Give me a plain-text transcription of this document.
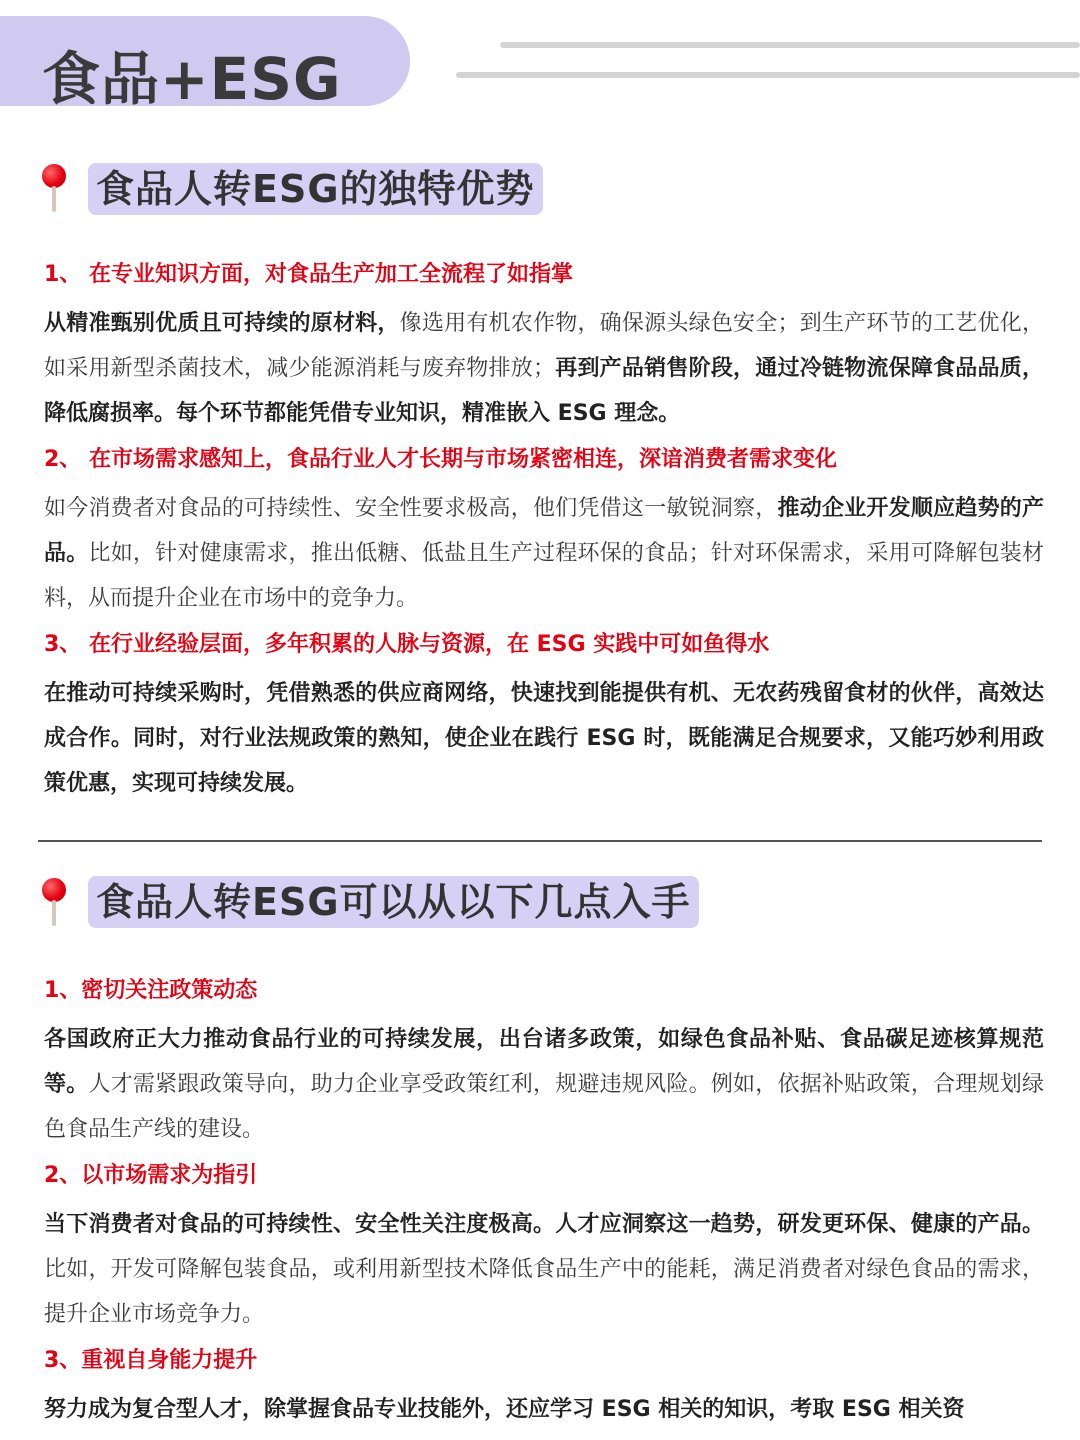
食品+ESG
食品人转ESG的独特优势

1、 在专业知识方面，对食品生产加工全流程了如指掌

从精准甄别优质且可持续的原材料，像选用有机农作物，确保源头绿色安全；到生产环节的工艺优化，如采用新型杀菌技术，减少能源消耗与废弃物排放；再到产品销售阶段，通过冷链物流保障食品品质，降低腐损率。每个环节都能凭借专业知识，精准嵌入 ESG 理念。

2、 在市场需求感知上，食品行业人才长期与市场紧密相连，深谙消费者需求变化

如今消费者对食品的可持续性、安全性要求极高，他们凭借这一敏锐洞察，推动企业开发顺应趋势的产品。比如，针对健康需求，推出低糖、低盐且生产过程环保的食品；针对环保需求，采用可降解包装材料，从而提升企业在市场中的竞争力。

3、 在行业经验层面，多年积累的人脉与资源，在 ESG 实践中可如鱼得水

在推动可持续采购时，凭借熟悉的供应商网络，快速找到能提供有机、无农药残留食材的伙伴，高效达成合作。同时，对行业法规政策的熟知，使企业在践行 ESG 时，既能满足合规要求，又能巧妙利用政策优惠，实现可持续发展。

食品人转ESG可以从以下几点入手

1、密切关注政策动态

各国政府正大力推动食品行业的可持续发展，出台诸多政策，如绿色食品补贴、食品碳足迹核算规范等。人才需紧跟政策导向，助力企业享受政策红利，规避违规风险。例如，依据补贴政策，合理规划绿色食品生产线的建设。

2、以市场需求为指引

当下消费者对食品的可持续性、安全性关注度极高。人才应洞察这一趋势，研发更环保、健康的产品。比如，开发可降解包装食品，或利用新型技术降低食品生产中的能耗，满足消费者对绿色食品的需求，提升企业市场竞争力。

3、重视自身能力提升

努力成为复合型人才，除掌握食品专业技能外，还应学习 ESG 相关的知识，考取 ESG 相关资
